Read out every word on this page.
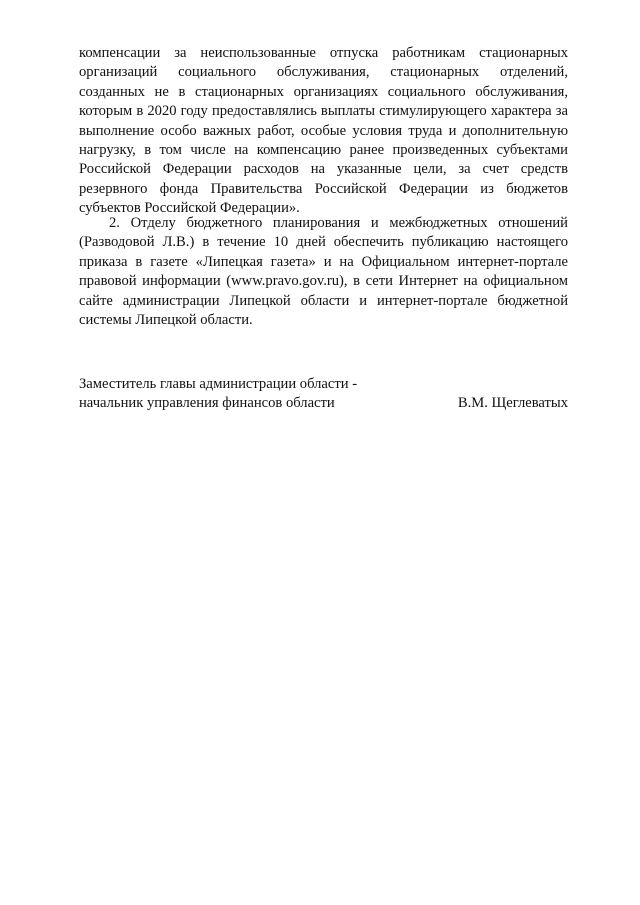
компенсации за неиспользованные отпуска работникам стационарных организаций социального обслуживания, стационарных отделений, созданных не в стационарных организациях социального обслуживания, которым в 2020 году предоставлялись выплаты стимулирующего характера за выполнение особо важных работ, особые условия труда и дополнительную нагрузку, в том числе на компенсацию ранее произведенных субъектами Российской Федерации расходов на указанные цели, за счет средств резервного фонда Правительства Российской Федерации из бюджетов субъектов Российской Федерации».

2. Отделу бюджетного планирования и межбюджетных отношений (Разводовой Л.В.) в течение 10 дней обеспечить публикацию настоящего приказа в газете «Липецкая газета» и на Официальном интернет-портале правовой информации (www.pravo.gov.ru), в сети Интернет на официальном сайте администрации Липецкой области и интернет-портале бюджетной системы Липецкой области.

Заместитель главы администрации области -
начальник управления финансов области	В.М. Щеглеватых
